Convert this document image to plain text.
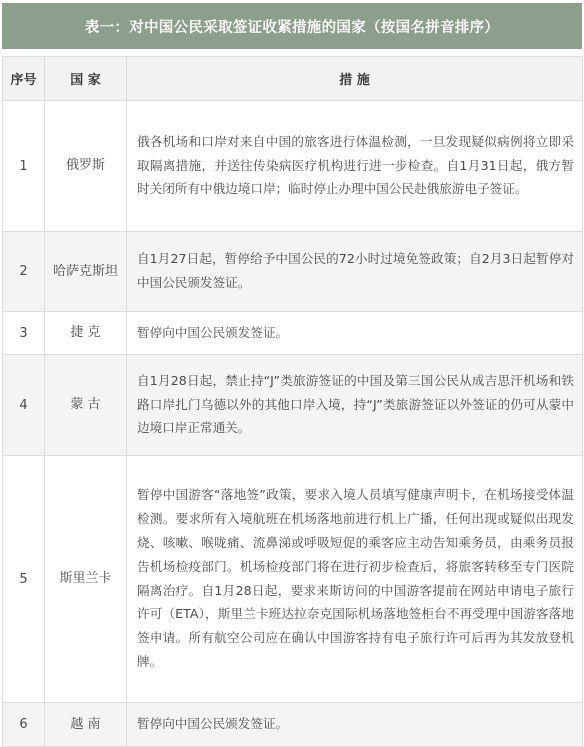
表一：对中国公民采取签证收紧措施的国家（按国名拼音排序）
序号	国 家	措 施
1	俄罗斯	俄各机场和口岸对来自中国的旅客进行体温检测，一旦发现疑似病例将立即采取隔离措施，并送往传染病医疗机构进行进一步检查。自1月31日起，俄方暂时关闭所有中俄边境口岸；临时停止办理中国公民赴俄旅游电子签证。
2	哈萨克斯坦	自1月27日起，暂停给予中国公民的72小时过境免签政策；自2月3日起暂停对中国公民颁发签证。
3	捷 克	暂停向中国公民颁发签证。
4	蒙 古	自1月28日起，禁止持“J”类旅游签证的中国及第三国公民从成吉思汗机场和铁路口岸扎门乌德以外的其他口岸入境，持“J”类旅游签证以外签证的仍可从蒙中边境口岸正常通关。
5	斯里兰卡	暂停中国游客“落地签”政策，要求入境人员填写健康声明卡，在机场接受体温检测。要求所有入境航班在机场落地前进行机上广播，任何出现或疑似出现发烧、咳嗽、喉咙痛、流鼻涕或呼吸短促的乘客应主动告知乘务员，由乘务员报告机场检疫部门。机场检疫部门将在进行初步检查后，将旅客转移至专门医院隔离治疗。自1月28日起，要求来斯访问的中国游客提前在网站申请电子旅行许可（ETA），斯里兰卡班达拉奈克国际机场落地签柜台不再受理中国游客落地签申请。所有航空公司应在确认中国游客持有电子旅行许可后再为其发放登机牌。
6	越 南	暂停向中国公民颁发签证。
